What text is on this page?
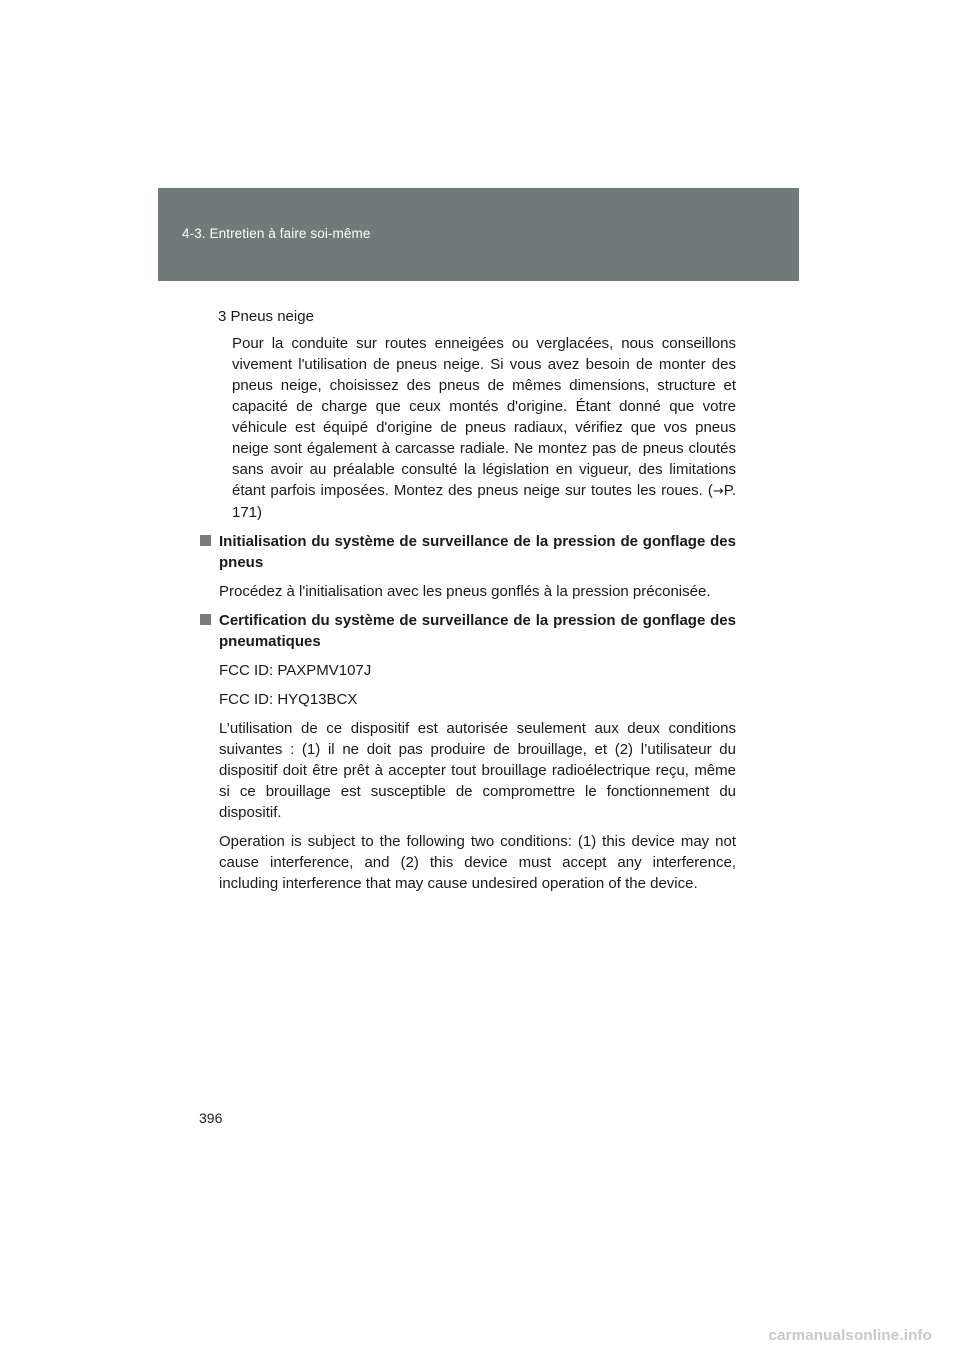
4-3. Entretien à faire soi-même
3 Pneus neige
Pour la conduite sur routes enneigées ou verglacées, nous conseillons vivement l'utilisation de pneus neige. Si vous avez besoin de monter des pneus neige, choisissez des pneus de mêmes dimensions, structure et capacité de charge que ceux montés d'origine. Étant donné que votre véhicule est équipé d'origine de pneus radiaux, vérifiez que vos pneus neige sont également à carcasse radiale. Ne montez pas de pneus cloutés sans avoir au préalable consulté la législation en vigueur, des limitations étant parfois imposées. Montez des pneus neige sur toutes les roues. (→P. 171)
Initialisation du système de surveillance de la pression de gonflage des pneus
Procédez à l'initialisation avec les pneus gonflés à la pression préconisée.
Certification du système de surveillance de la pression de gonflage des pneumatiques
FCC ID: PAXPMV107J
FCC ID: HYQ13BCX
L’utilisation de ce dispositif est autorisée seulement aux deux conditions suivantes : (1) il ne doit pas produire de brouillage, et (2) l’utilisateur du dispositif doit être prêt à accepter tout brouillage radioélectrique reçu, même si ce brouillage est susceptible de compromettre le fonctionnement du dispositif.
Operation is subject to the following two conditions: (1) this device may not cause interference, and (2) this device must accept any interference, including interference that may cause undesired operation of the device.
396
carmanualsonline.info
